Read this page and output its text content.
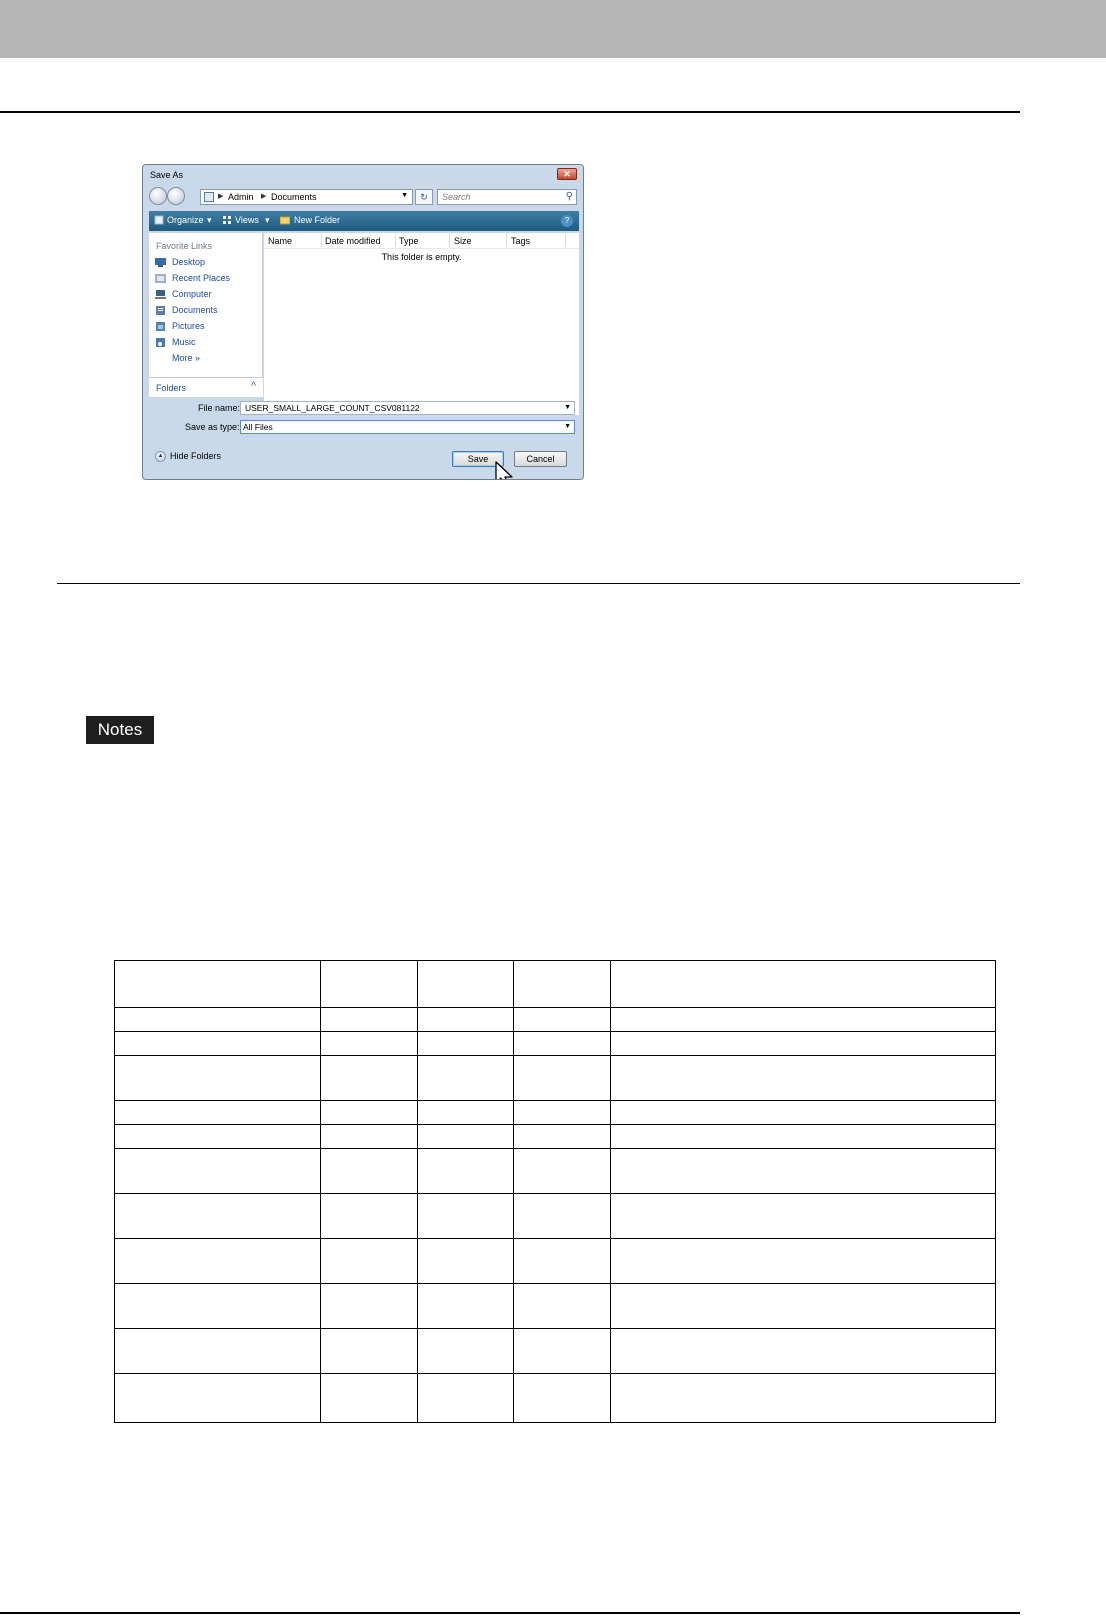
Save As	✕
▶ Admin ▶ Documents	▼	↻	Search	⚲
Organize ▾	Views ▾	New Folder	?
Favorite Links
Desktop
Recent Places
Computer
Documents
Pictures
Music
More »
Folders	^
Name	Date modified Type	Size	Tags
This folder is empty.
File name: USER_SMALL_LARGE_COUNT_CSV081122	▼
Save as type: All Files	▼
▲ Hide Folders	Save	Cancel
Notes
